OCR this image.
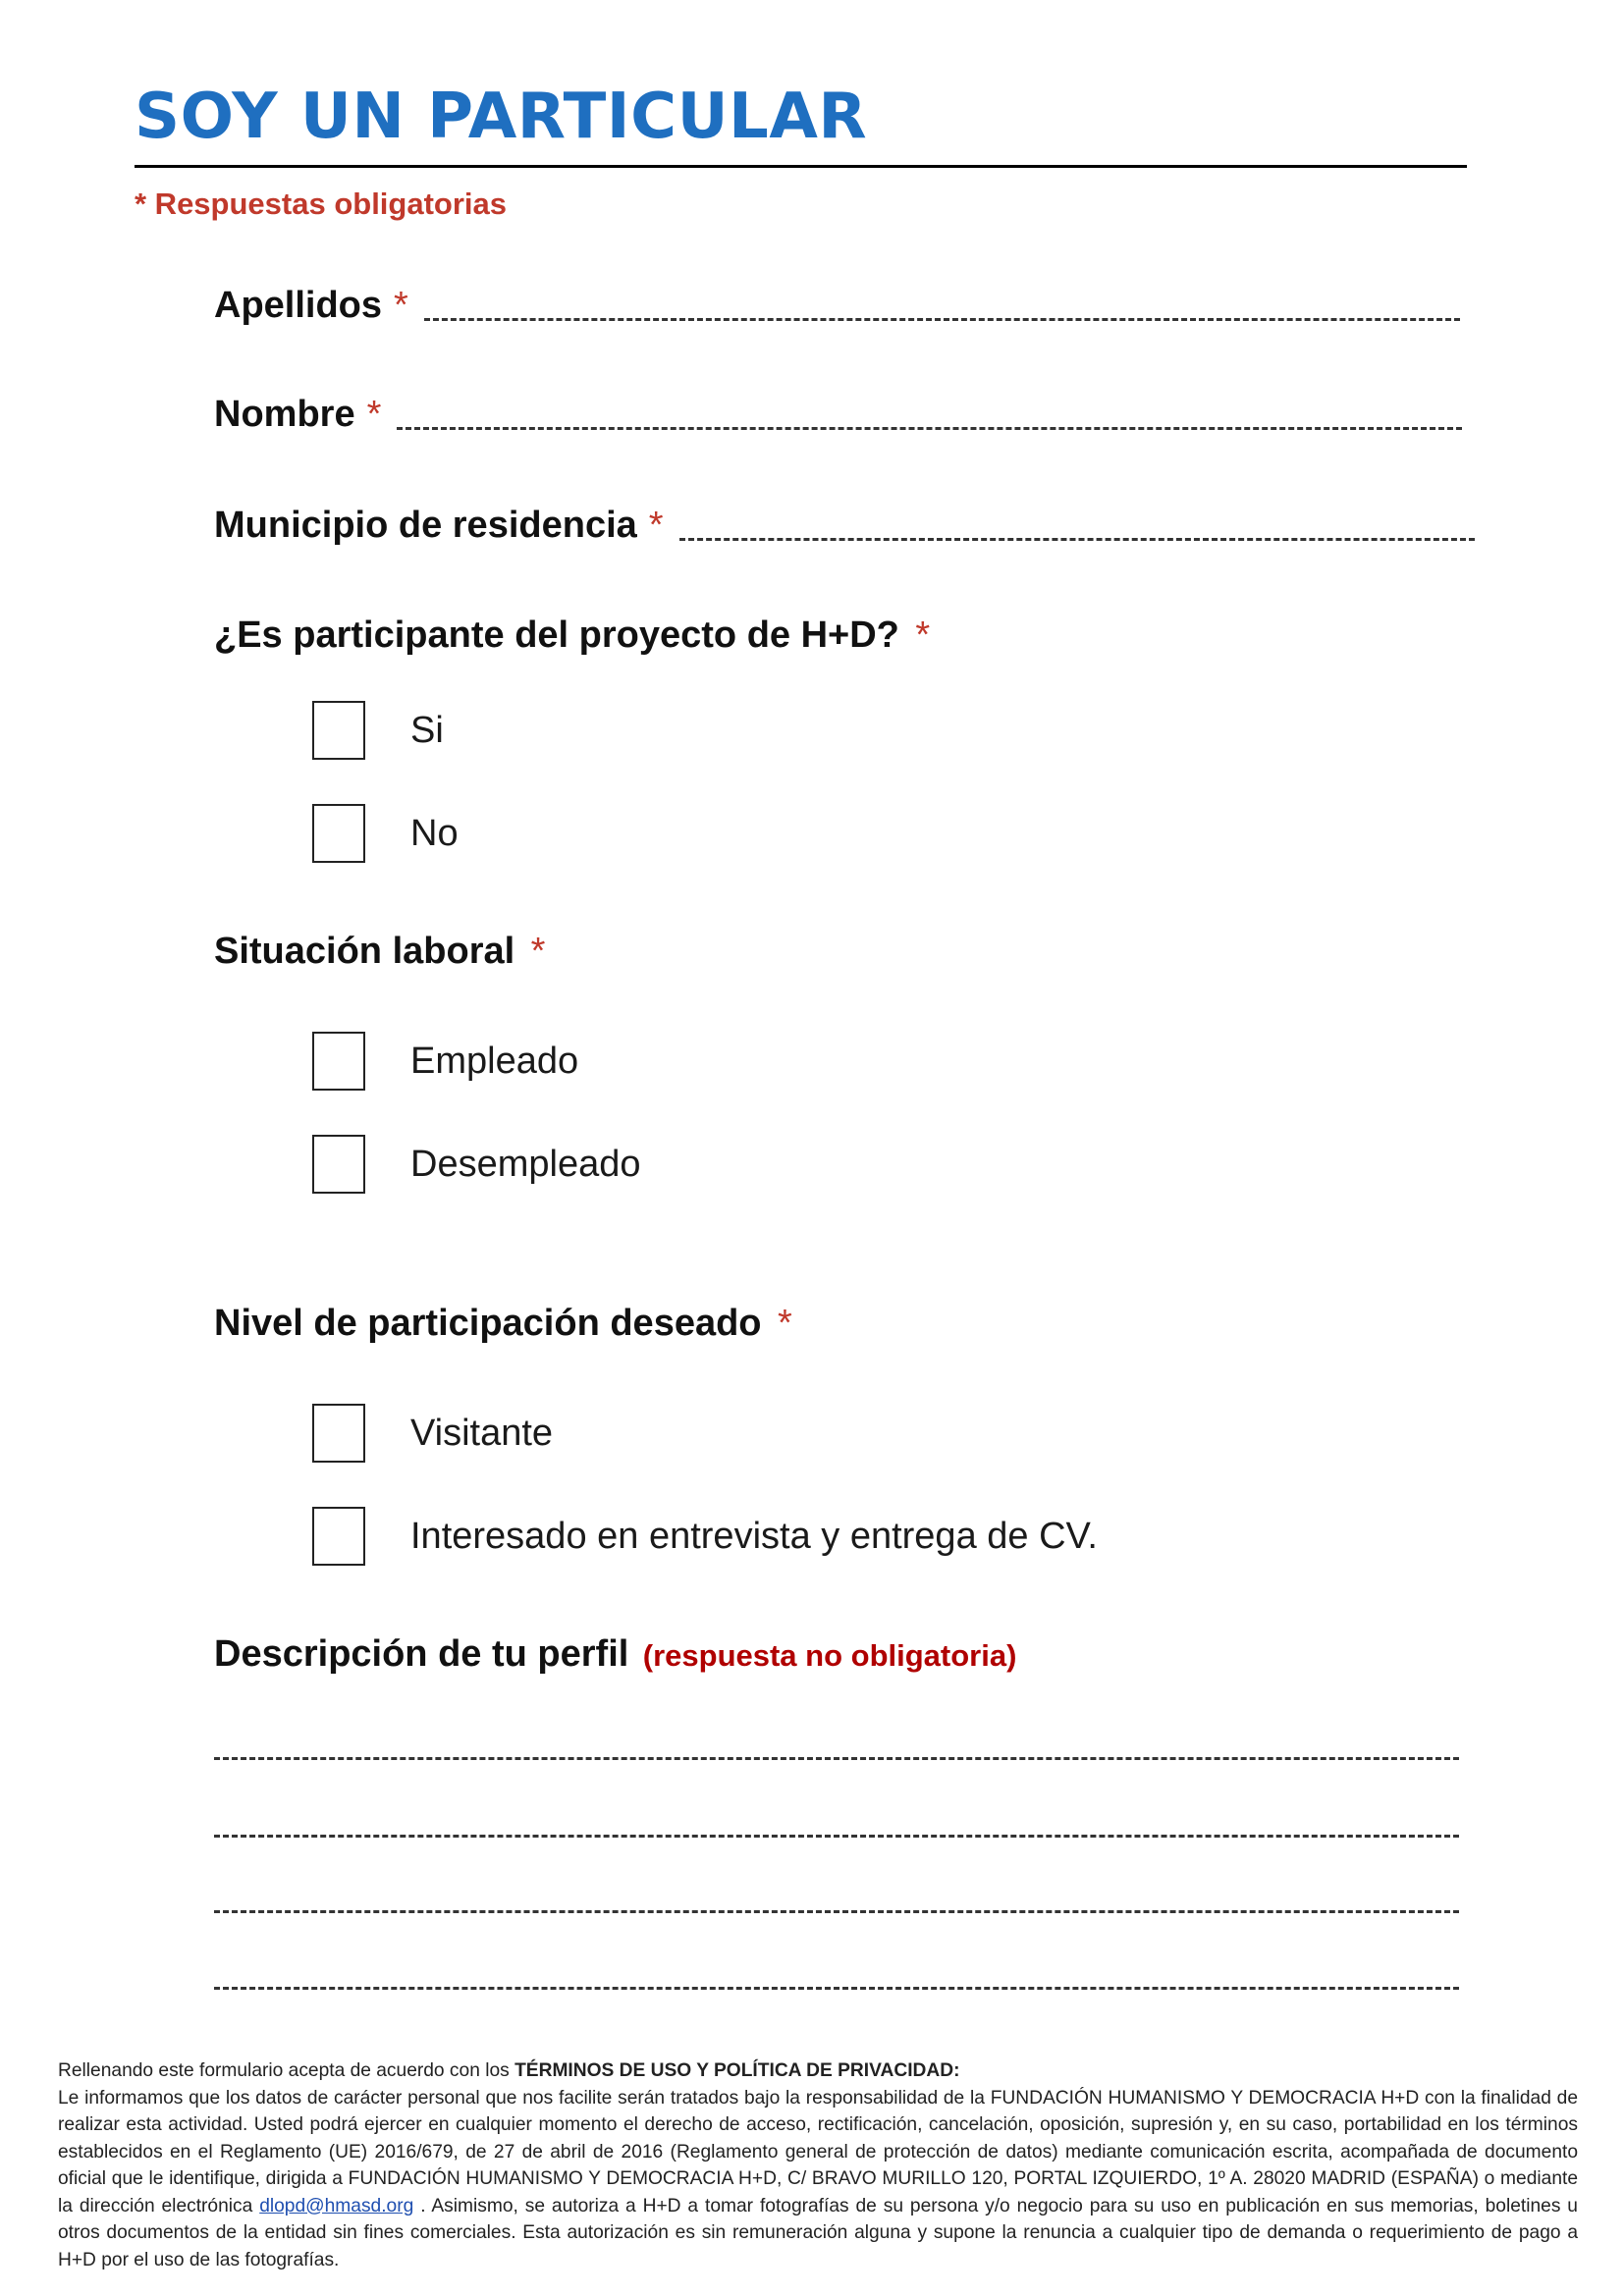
SOY UN PARTICULAR

* Respuestas obligatorias

Apellidos *
Nombre *
Municipio de residencia *

¿Es participante del proyecto de H+D? *

Si
No

Situación laboral *

Empleado
Desempleado

Nivel de participación deseado *

Visitante
Interesado en entrevista y entrega de CV.

Descripción de tu perfil (respuesta no obligatoria)

Rellenando este formulario acepta de acuerdo con los TÉRMINOS DE USO Y POLÍTICA DE PRIVACIDAD:

Le informamos que los datos de carácter personal que nos facilite serán tratados bajo la responsabilidad de la FUNDACIÓN HUMANISMO Y DEMOCRACIA H+D con la finalidad de realizar esta actividad. Usted podrá ejercer en cualquier momento el derecho de acceso, rectificación, cancelación, oposición, supresión y, en su caso, portabilidad en los términos establecidos en el Reglamento (UE) 2016/679, de 27 de abril de 2016 (Reglamento general de protección de datos) mediante comunicación escrita, acompañada de documento oficial que le identifique, dirigida a FUNDACIÓN HUMANISMO Y DEMOCRACIA H+D, C/ BRAVO MURILLO 120, PORTAL IZQUIERDO, 1º A. 28020 MADRID (ESPAÑA) o mediante la dirección electrónica dlopd@hmasd.org . Asimismo, se autoriza a H+D a tomar fotografías de su persona y/o negocio para su uso en publicación en sus memorias, boletines u otros documentos de la entidad sin fines comerciales. Esta autorización es sin remuneración alguna y supone la renuncia a cualquier tipo de demanda o requerimiento de pago a H+D por el uso de las fotografías.
